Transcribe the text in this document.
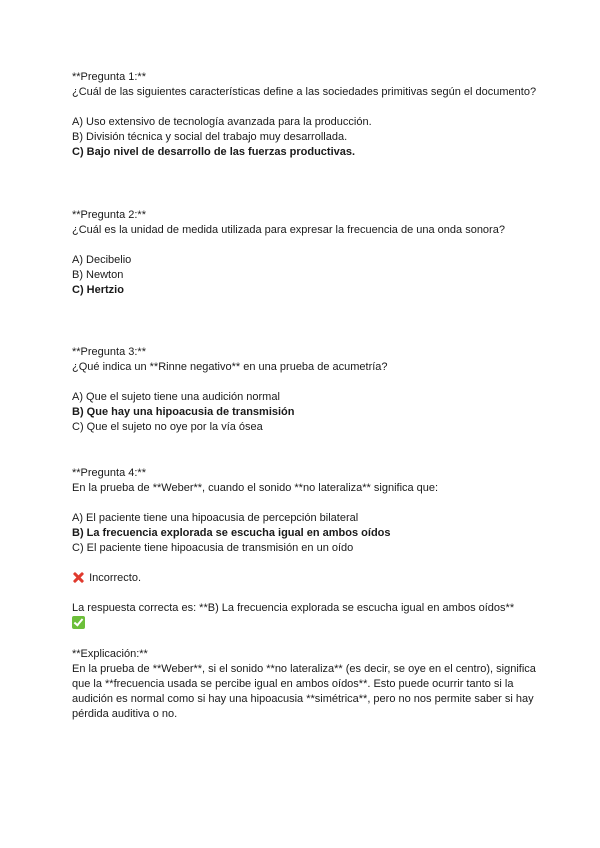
**Pregunta 1:**

¿Cuál de las siguientes características define a las sociedades primitivas según el documento?

A) Uso extensivo de tecnología avanzada para la producción.

B) División técnica y social del trabajo muy desarrollada.

C) Bajo nivel de desarrollo de las fuerzas productivas.

**Pregunta 2:**

¿Cuál es la unidad de medida utilizada para expresar la frecuencia de una onda sonora?

A) Decibelio

B) Newton

C) Hertzio

**Pregunta 3:**

¿Qué indica un **Rinne negativo** en una prueba de acumetría?

A) Que el sujeto tiene una audición normal

B) Que hay una hipoacusia de transmisión

C) Que el sujeto no oye por la vía ósea

**Pregunta 4:**

En la prueba de **Weber**, cuando el sonido **no lateraliza** significa que:

A) El paciente tiene una hipoacusia de percepción bilateral

B) La frecuencia explorada se escucha igual en ambos oídos

C) El paciente tiene hipoacusia de transmisión en un oído

Incorrecto.

La respuesta correcta es: **B) La frecuencia explorada se escucha igual en ambos oídos**

**Explicación:**

En la prueba de **Weber**, si el sonido **no lateraliza** (es decir, se oye en el centro), significa que la **frecuencia usada se percibe igual en ambos oídos**. Esto puede ocurrir tanto si la audición es normal como si hay una hipoacusia **simétrica**, pero no nos permite saber si hay pérdida auditiva o no.
